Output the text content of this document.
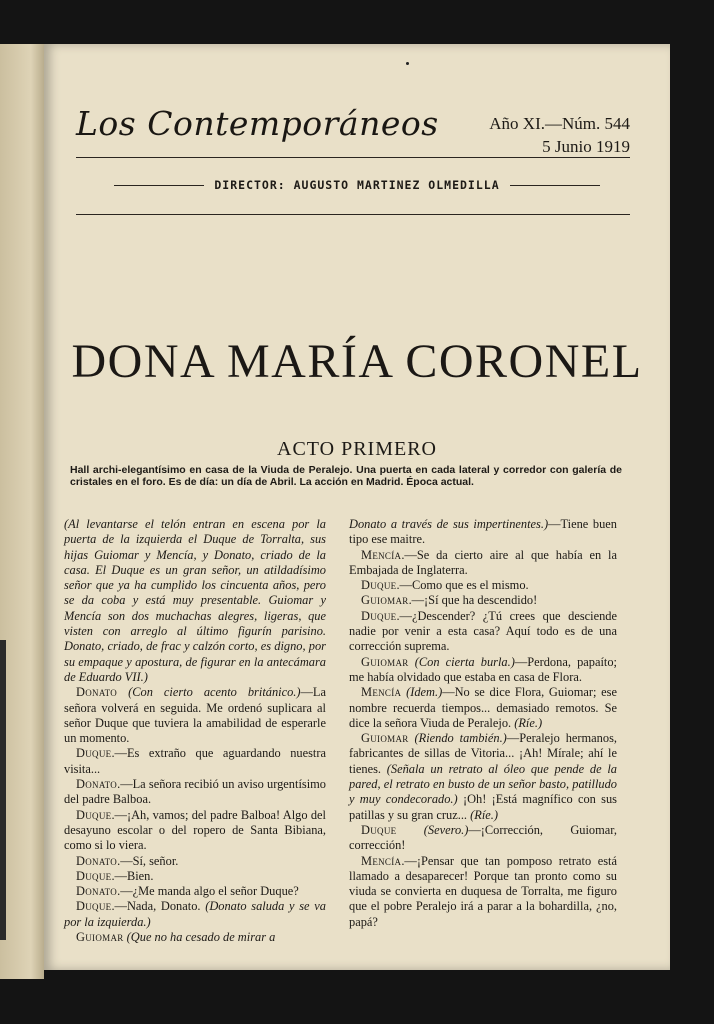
Los Contemporáneos	Año XI.—Núm. 544
5 Junio 1919
DIRECTOR: AUGUSTO MARTINEZ OLMEDILLA
DONA MARÍA CORONEL
ACTO PRIMERO
Hall archi-elegantísimo en casa de la Viuda de Peralejo. Una puerta en cada lateral y corredor con galería de cristales en el foro. Es de día: un día de Abril. La acción en Madrid. Época actual.

(Al levantarse el telón entran en escena por la puerta de la izquierda el Duque de Torralta, sus hijas Guiomar y Mencía, y Donato, criado de la casa. El Duque es un gran señor, un atildadísimo señor que ya ha cumplido los cincuenta años, pero se da coba y está muy presentable. Guiomar y Mencía son dos muchachas alegres, ligeras, que visten con arreglo al último figurín parisino. Donato, criado, de frac y calzón corto, es digno, por su empaque y apostura, de figurar en la antecámara de Eduardo VII.)

Donato (Con cierto acento británico.)—La señora volverá en seguida. Me ordenó suplicara al señor Duque que tuviera la amabilidad de esperarle un momento.

Duque.—Es extraño que aguardando nuestra visita...

Donato.—La señora recibió un aviso urgentísimo del padre Balboa.

Duque.—¡Ah, vamos; del padre Balboa! Algo del desayuno escolar o del ropero de Santa Bibiana, como si lo viera.

Donato.—Sí, señor.

Duque.—Bien.

Donato.—¿Me manda algo el señor Duque?

Duque.—Nada, Donato. (Donato saluda y se va por la izquierda.)

Guiomar (Que no ha cesado de mirar a

Donato a través de sus impertinentes.)—Tiene buen tipo ese maitre.

Mencía.—Se da cierto aire al que había en la Embajada de Inglaterra.

Duque.—Como que es el mismo.

Guiomar.—¡Sí que ha descendido!

Duque.—¿Descender? ¿Tú crees que desciende nadie por venir a esta casa? Aquí todo es de una corrección suprema.

Guiomar (Con cierta burla.)—Perdona, papaíto; me había olvidado que estaba en casa de Flora.

Mencía (Idem.)—No se dice Flora, Guiomar; ese nombre recuerda tiempos... demasiado remotos. Se dice la señora Viuda de Peralejo. (Ríe.)

Guiomar (Riendo también.)—Peralejo hermanos, fabricantes de sillas de Vitoria... ¡Ah! Mírale; ahí le tienes. (Señala un retrato al óleo que pende de la pared, el retrato en busto de un señor basto, patilludo y muy condecorado.) ¡Oh! ¡Está magnífico con sus patillas y su gran cruz... (Ríe.)

Duque (Severo.)—¡Corrección, Guiomar, corrección!

Mencía.—¡Pensar que tan pomposo retrato está llamado a desaparecer! Porque tan pronto como su viuda se convierta en duquesa de Torralta, me figuro que el pobre Peralejo irá a parar a la bohardilla, ¿no, papá?
